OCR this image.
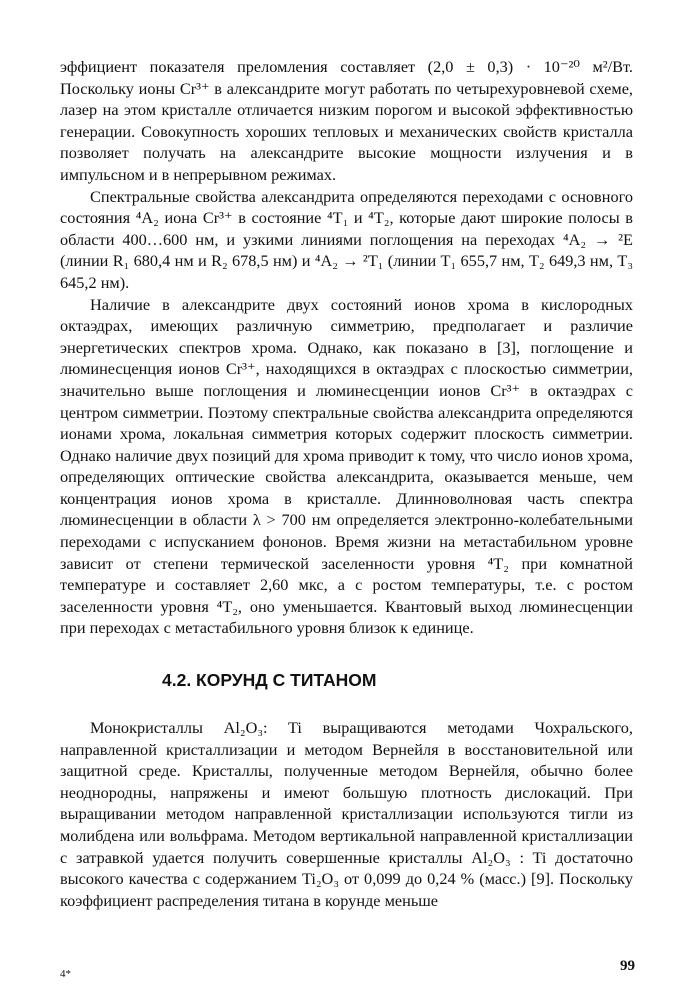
эффициент показателя преломления составляет (2,0 ± 0,3) · 10⁻²⁰ м²/Вт. Поскольку ионы Cr³⁺ в александрите могут работать по четырехуровневой схеме, лазер на этом кристалле отличается низким порогом и высокой эффективностью генерации. Совокупность хороших тепловых и механических свойств кристалла позволяет получать на александрите высокие мощности излучения и в импульсном и в непрерывном режимах.

Спектральные свойства александрита определяются переходами с основного состояния ⁴A₂ иона Cr³⁺ в состояние ⁴T₁ и ⁴T₂, которые дают широкие полосы в области 400…600 нм, и узкими линиями поглощения на переходах ⁴A₂ → ²E (линии R₁ 680,4 нм и R₂ 678,5 нм) и ⁴A₂ → ²T₁ (линии T₁ 655,7 нм, T₂ 649,3 нм, T₃ 645,2 нм).

Наличие в александрите двух состояний ионов хрома в кислородных октаэдрах, имеющих различную симметрию, предполагает и различие энергетических спектров хрома. Однако, как показано в [3], поглощение и люминесценция ионов Cr³⁺, находящихся в октаэдрах с плоскостью симметрии, значительно выше поглощения и люминесценции ионов Cr³⁺ в октаэдрах с центром симметрии. Поэтому спектральные свойства александрита определяются ионами хрома, локальная симметрия которых содержит плоскость симметрии. Однако наличие двух позиций для хрома приводит к тому, что число ионов хрома, определяющих оптические свойства александрита, оказывается меньше, чем концентрация ионов хрома в кристалле. Длинноволновая часть спектра люминесценции в области λ > 700 нм определяется электронно-колебательными переходами с испусканием фононов. Время жизни на метастабильном уровне зависит от степени термической заселенности уровня ⁴T₂ при комнатной температуре и составляет 2,60 мкс, а с ростом температуры, т.е. с ростом заселенности уровня ⁴T₂, оно уменьшается. Квантовый выход люминесценции при переходах с метастабильного уровня близок к единице.

4.2. КОРУНД С ТИТАНОМ

Монокристаллы Al₂O₃: Ti выращиваются методами Чохральского, направленной кристаллизации и методом Вернейля в восстановительной или защитной среде. Кристаллы, полученные методом Вернейля, обычно более неоднородны, напряжены и имеют большую плотность дислокаций. При выращивании методом направленной кристаллизации используются тигли из молибдена или вольфрама. Методом вертикальной направленной кристаллизации с затравкой удается получить совершенные кристаллы Al₂O₃ : Ti достаточно высокого качества с содержанием Ti₂O₃ от 0,099 до 0,24 % (масс.) [9]. Поскольку коэффициент распределения титана в корунде меньше

4*	99
